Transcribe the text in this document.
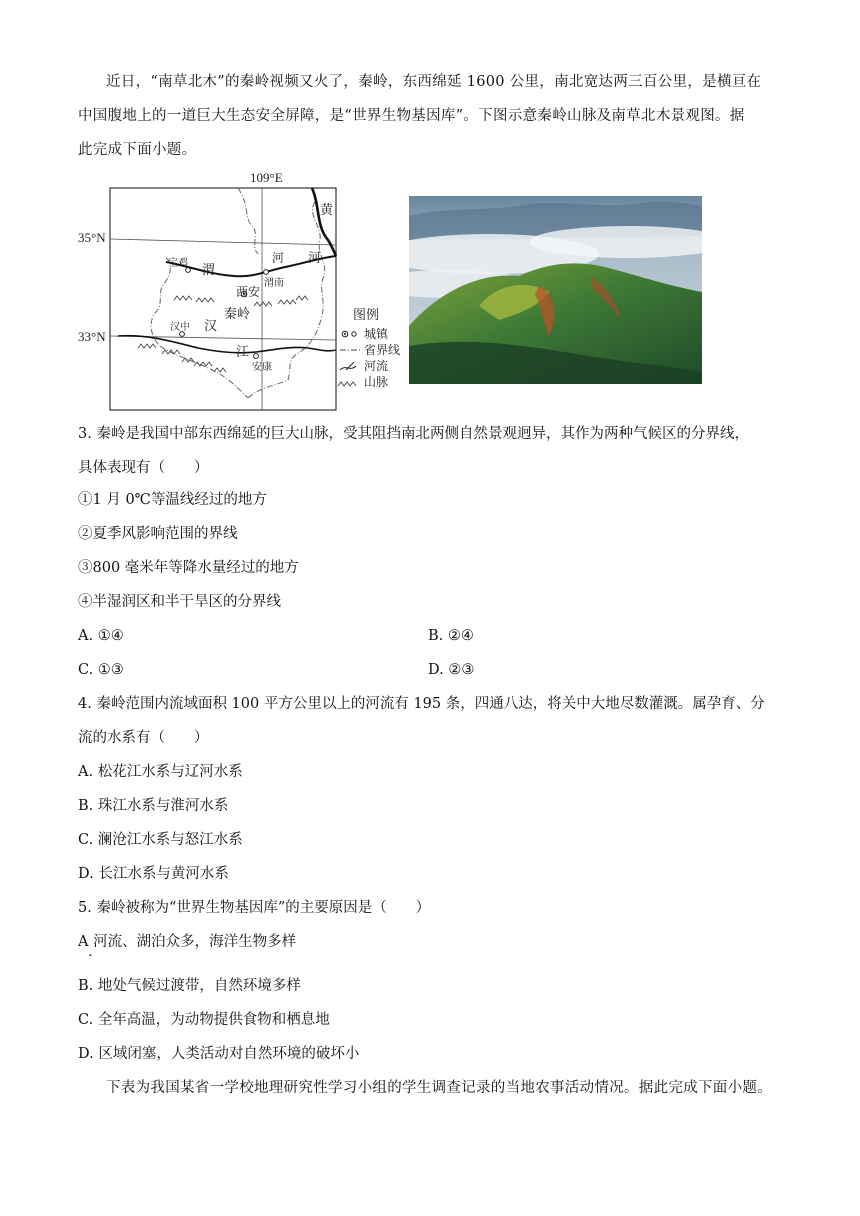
近日，“南草北木”的秦岭视频又火了，秦岭，东西绵延 1600 公里，南北宽达两三百公里，是横亘在
中国腹地上的一道巨大生态安全屏障，是“世界生物基因库”。下图示意秦岭山脉及南草北木景观图。据
此完成下面小题。
109°E
35°N
33°N
宝鸡
渭南
西安
汉中
安康
秦岭
黄
河
渭
河
汉
江
图例
城镇
省界线
河流
山脉
3. 秦岭是我国中部东西绵延的巨大山脉，受其阻挡南北两侧自然景观迥异，其作为两种气候区的分界线，
具体表现有（　　）
①1 月 0℃等温线经过的地方
②夏季风影响范围的界线
③800 毫米年等降水量经过的地方
④半湿润区和半干旱区的分界线
A. ①④	B. ②④
C. ①③	D. ②③
4. 秦岭范围内流域面积 100 平方公里以上的河流有 195 条，四通八达，将关中大地尽数灌溉。属孕育、分
流的水系有（　　）
A. 松花江水系与辽河水系
B. 珠江水系与淮河水系
C. 澜沧江水系与怒江水系
D. 长江水系与黄河水系
5. 秦岭被称为“世界生物基因库”的主要原因是（　　）
A 河流、湖泊众多，海洋生物多样
·
B. 地处气候过渡带，自然环境多样
C. 全年高温，为动物提供食物和栖息地
D. 区域闭塞，人类活动对自然环境的破坏小
下表为我国某省一学校地理研究性学习小组的学生调查记录的当地农事活动情况。据此完成下面小题。
